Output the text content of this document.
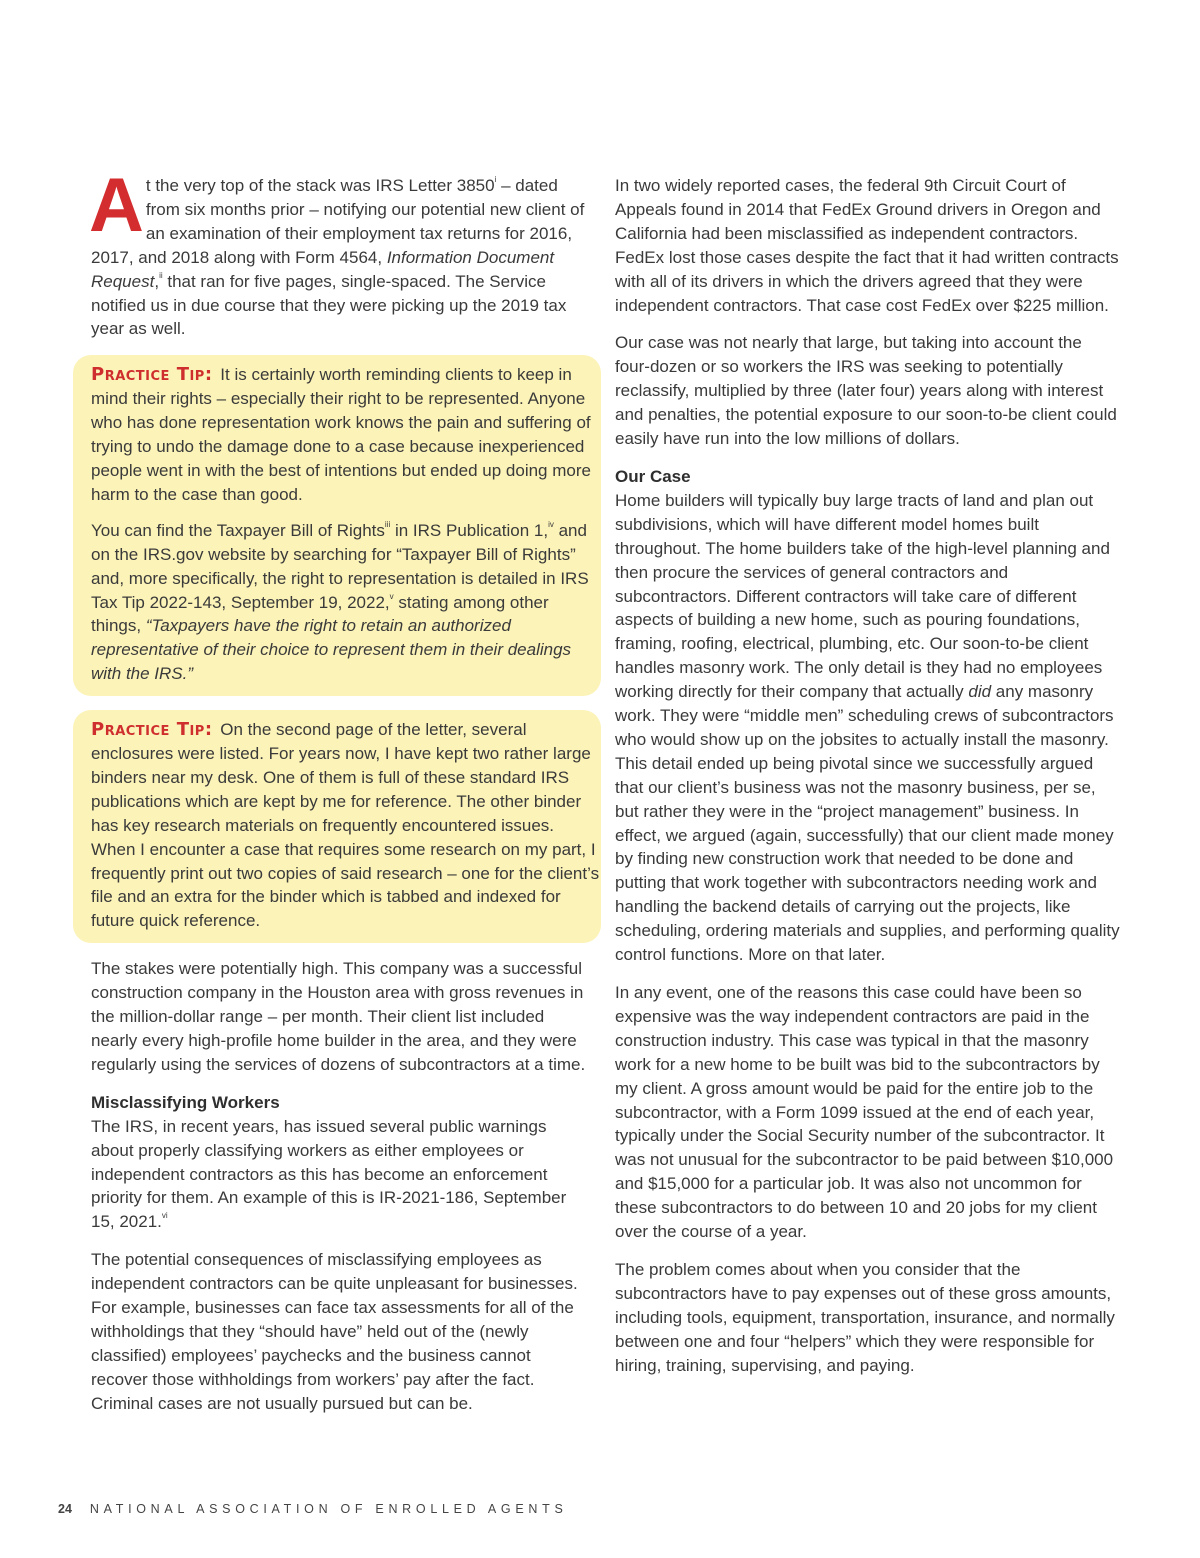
At the very top of the stack was IRS Letter 3850$^i$ – dated from six months prior – notifying our potential new client of an examination of their employment tax returns for 2016, 2017, and 2018 along with Form 4564, Information Document Request,$^{ii}$ that ran for five pages, single-spaced. The Service notified us in due course that they were picking up the 2019 tax year as well.

Practice Tip: It is certainly worth reminding clients to keep in mind their rights – especially their right to be represented. Anyone who has done representation work knows the pain and suffering of trying to undo the damage done to a case because inexperienced people went in with the best of intentions but ended up doing more harm to the case than good.

You can find the Taxpayer Bill of Rights$^{iii}$ in IRS Publication 1,$^{iv}$ and on the IRS.gov website by searching for “Taxpayer Bill of Rights” and, more specifically, the right to representation is detailed in IRS Tax Tip 2022-143, September 19, 2022,$^v$ stating among other things, “Taxpayers have the right to retain an authorized representative of their choice to represent them in their dealings with the IRS.”

Practice Tip: On the second page of the letter, several enclosures were listed. For years now, I have kept two rather large binders near my desk. One of them is full of these standard IRS publications which are kept by me for reference. The other binder has key research materials on frequently encountered issues. When I encounter a case that requires some research on my part, I frequently print out two copies of said research – one for the client’s file and an extra for the binder which is tabbed and indexed for future quick reference.

The stakes were potentially high. This company was a successful construction company in the Houston area with gross revenues in the million-dollar range – per month. Their client list included nearly every high-profile home builder in the area, and they were regularly using the services of dozens of subcontractors at a time.

Misclassifying Workers

The IRS, in recent years, has issued several public warnings about properly classifying workers as either employees or independent contractors as this has become an enforcement priority for them. An example of this is IR-2021-186, September 15, 2021.$^{vi}$

The potential consequences of misclassifying employees as independent contractors can be quite unpleasant for businesses. For example, businesses can face tax assessments for all of the withholdings that they “should have” held out of the (newly classified) employees’ paychecks and the business cannot recover those withholdings from workers’ pay after the fact. Criminal cases are not usually pursued but can be.

In two widely reported cases, the federal 9th Circuit Court of Appeals found in 2014 that FedEx Ground drivers in Oregon and California had been misclassified as independent contractors. FedEx lost those cases despite the fact that it had written contracts with all of its drivers in which the drivers agreed that they were independent contractors. That case cost FedEx over $225 million.

Our case was not nearly that large, but taking into account the four-dozen or so workers the IRS was seeking to potentially reclassify, multiplied by three (later four) years along with interest and penalties, the potential exposure to our soon-to-be client could easily have run into the low millions of dollars.

Our Case

Home builders will typically buy large tracts of land and plan out subdivisions, which will have different model homes built throughout. The home builders take of the high-level planning and then procure the services of general contractors and subcontractors. Different contractors will take care of different aspects of building a new home, such as pouring foundations, framing, roofing, electrical, plumbing, etc. Our soon-to-be client handles masonry work. The only detail is they had no employees working directly for their company that actually did any masonry work. They were “middle men” scheduling crews of subcontractors who would show up on the jobsites to actually install the masonry. This detail ended up being pivotal since we successfully argued that our client’s business was not the masonry business, per se, but rather they were in the “project management” business. In effect, we argued (again, successfully) that our client made money by finding new construction work that needed to be done and putting that work together with subcontractors needing work and handling the backend details of carrying out the projects, like scheduling, ordering materials and supplies, and performing quality control functions. More on that later.

In any event, one of the reasons this case could have been so expensive was the way independent contractors are paid in the construction industry. This case was typical in that the masonry work for a new home to be built was bid to the subcontractors by my client. A gross amount would be paid for the entire job to the subcontractor, with a Form 1099 issued at the end of each year, typically under the Social Security number of the subcontractor. It was not unusual for the subcontractor to be paid between $10,000 and $15,000 for a particular job. It was also not uncommon for these subcontractors to do between 10 and 20 jobs for my client over the course of a year.

The problem comes about when you consider that the subcontractors have to pay expenses out of these gross amounts, including tools, equipment, transportation, insurance, and normally between one and four “helpers” which they were responsible for hiring, training, supervising, and paying.

24 NATIONAL ASSOCIATION OF ENROLLED AGENTS
